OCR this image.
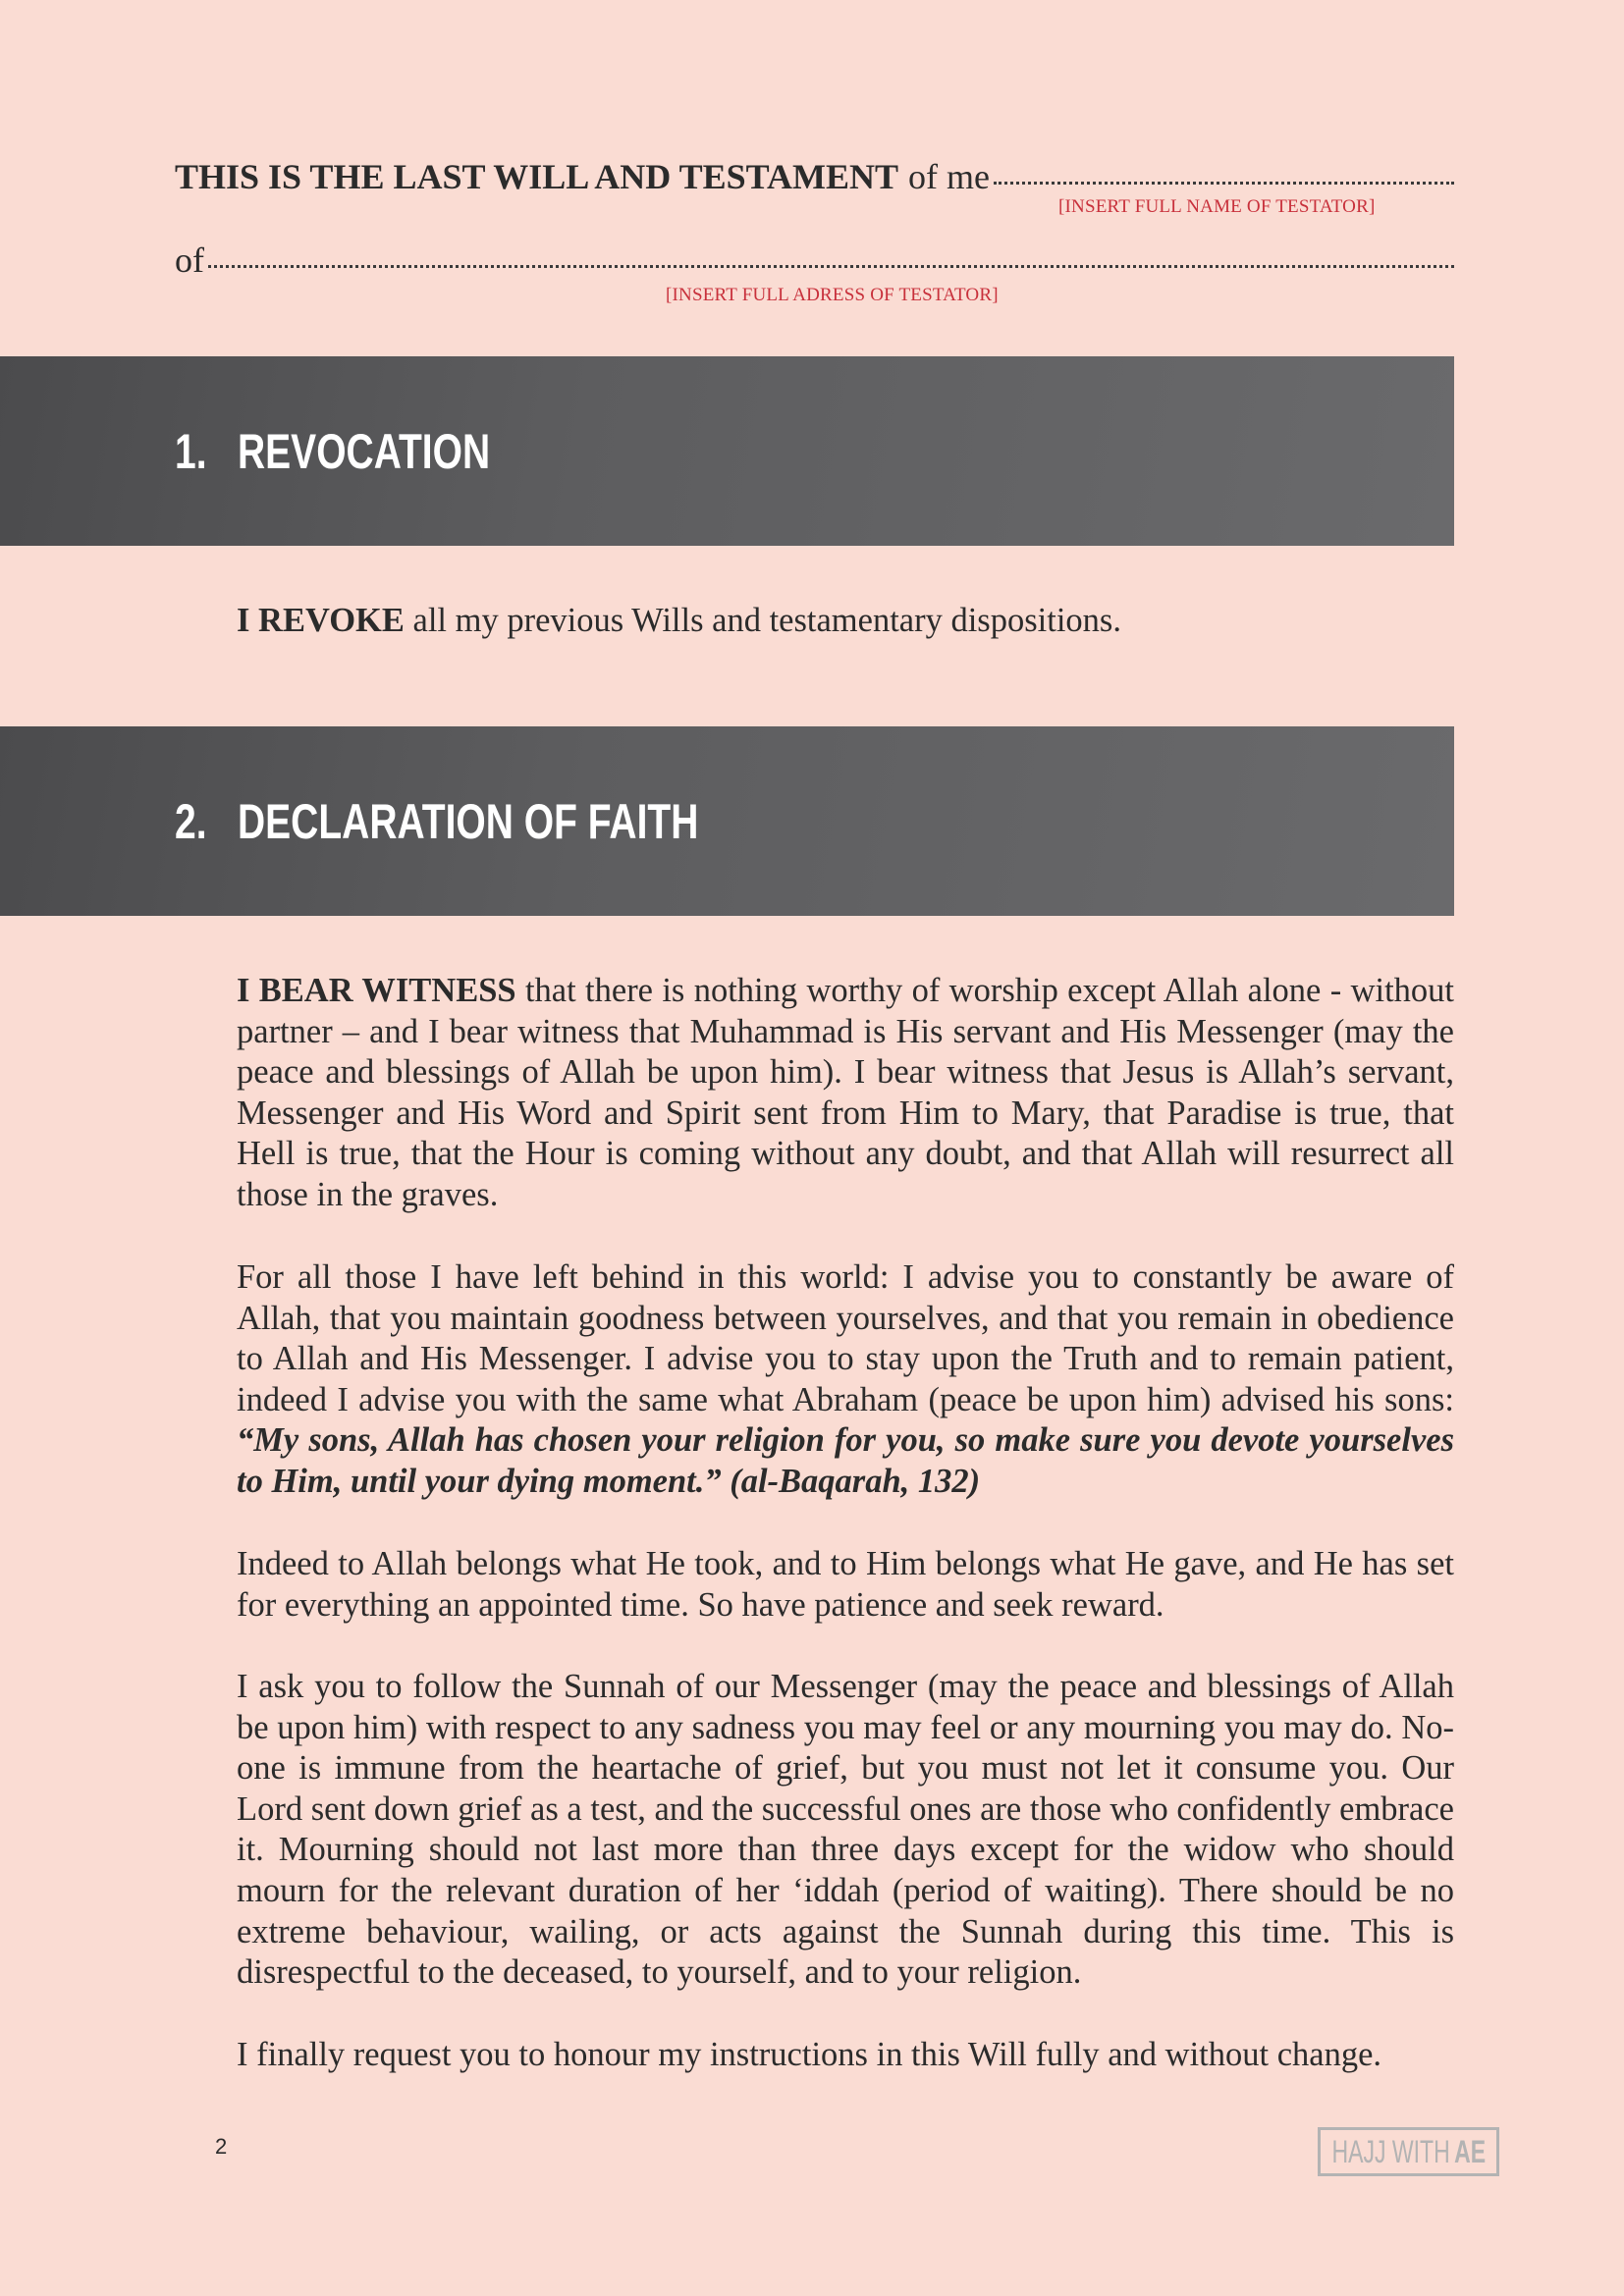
THIS IS THE LAST WILL AND TESTAMENT of me
[INSERT FULL NAME OF TESTATOR]
of
[INSERT FULL ADRESS OF TESTATOR]
1. REVOCATION
I REVOKE all my previous Wills and testamentary dispositions.
2. DECLARATION OF FAITH
I BEAR WITNESS that there is nothing worthy of worship except Allah alone - without partner – and I bear witness that Muhammad is His servant and His Messenger (may the peace and blessings of Allah be upon him). I bear witness that Jesus is Allah’s servant, Messenger and His Word and Spirit sent from Him to Mary, that Paradise is true, that Hell is true, that the Hour is coming without any doubt, and that Allah will resurrect all those in the graves.
For all those I have left behind in this world: I advise you to constantly be aware of Allah, that you maintain goodness between yourselves, and that you remain in obedience to Allah and His Messenger. I advise you to stay upon the Truth and to remain patient, indeed I advise you with the same what Abraham (peace be upon him) advised his sons: “My sons, Allah has chosen your religion for you, so make sure you devote yourselves to Him, until your dying moment.” (al-Baqarah, 132)
Indeed to Allah belongs what He took, and to Him belongs what He gave, and He has set for everything an appointed time. So have patience and seek reward.
I ask you to follow the Sunnah of our Messenger (may the peace and blessings of Allah be upon him) with respect to any sadness you may feel or any mourning you may do. No-one is immune from the heartache of grief, but you must not let it consume you. Our Lord sent down grief as a test, and the successful ones are those who confidently embrace it. Mourning should not last more than three days except for the widow who should mourn for the relevant duration of her ‘iddah (period of waiting). There should be no extreme behaviour, wailing, or acts against the Sunnah during this time. This is disrespectful to the deceased, to yourself, and to your religion.
I finally request you to honour my instructions in this Will fully and without change.
2	HAJJ WITH AE
